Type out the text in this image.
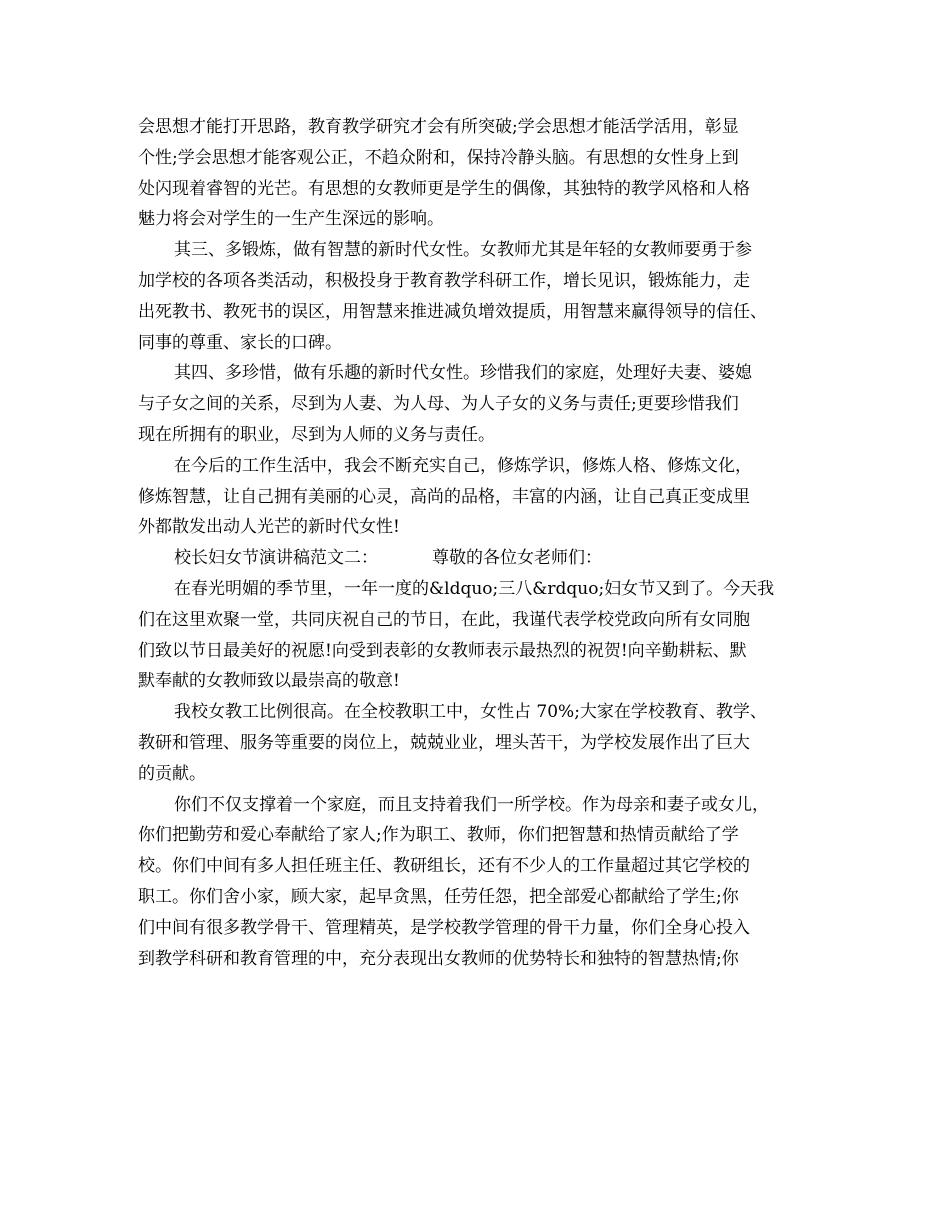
会思想才能打开思路，教育教学研究才会有所突破;学会思想才能活学活用，彰显
个性;学会思想才能客观公正，不趋众附和，保持冷静头脑。有思想的女性身上到
处闪现着睿智的光芒。有思想的女教师更是学生的偶像，其独特的教学风格和人格
魅力将会对学生的一生产生深远的影响。
其三、多锻炼，做有智慧的新时代女性。女教师尤其是年轻的女教师要勇于参
加学校的各项各类活动，积极投身于教育教学科研工作，增长见识，锻炼能力，走
出死教书、教死书的误区，用智慧来推进减负增效提质，用智慧来赢得领导的信任、
同事的尊重、家长的口碑。
其四、多珍惜，做有乐趣的新时代女性。珍惜我们的家庭，处理好夫妻、婆媳
与子女之间的关系，尽到为人妻、为人母、为人子女的义务与责任;更要珍惜我们
现在所拥有的职业，尽到为人师的义务与责任。
在今后的工作生活中，我会不断充实自己，修炼学识，修炼人格、修炼文化，
修炼智慧，让自己拥有美丽的心灵，高尚的品格，丰富的内涵，让自己真正变成里
外都散发出动人光芒的新时代女性!
校长妇女节演讲稿范文二：	尊敬的各位女老师们：
在春光明媚的季节里，一年一度的&ldquo;三八&rdquo;妇女节又到了。今天我
们在这里欢聚一堂，共同庆祝自己的节日，在此，我谨代表学校党政向所有女同胞
们致以节日最美好的祝愿!向受到表彰的女教师表示最热烈的祝贺!向辛勤耕耘、默
默奉献的女教师致以最崇高的敬意!
我校女教工比例很高。在全校教职工中，女性占 70%;大家在学校教育、教学、
教研和管理、服务等重要的岗位上，兢兢业业，埋头苦干，为学校发展作出了巨大
的贡献。
你们不仅支撑着一个家庭，而且支持着我们一所学校。作为母亲和妻子或女儿，
你们把勤劳和爱心奉献给了家人;作为职工、教师，你们把智慧和热情贡献给了学
校。你们中间有多人担任班主任、教研组长，还有不少人的工作量超过其它学校的
职工。你们舍小家，顾大家，起早贪黑，任劳任怨，把全部爱心都献给了学生;你
们中间有很多教学骨干、管理精英，是学校教学管理的骨干力量，你们全身心投入
到教学科研和教育管理的中，充分表现出女教师的优势特长和独特的智慧热情;你
